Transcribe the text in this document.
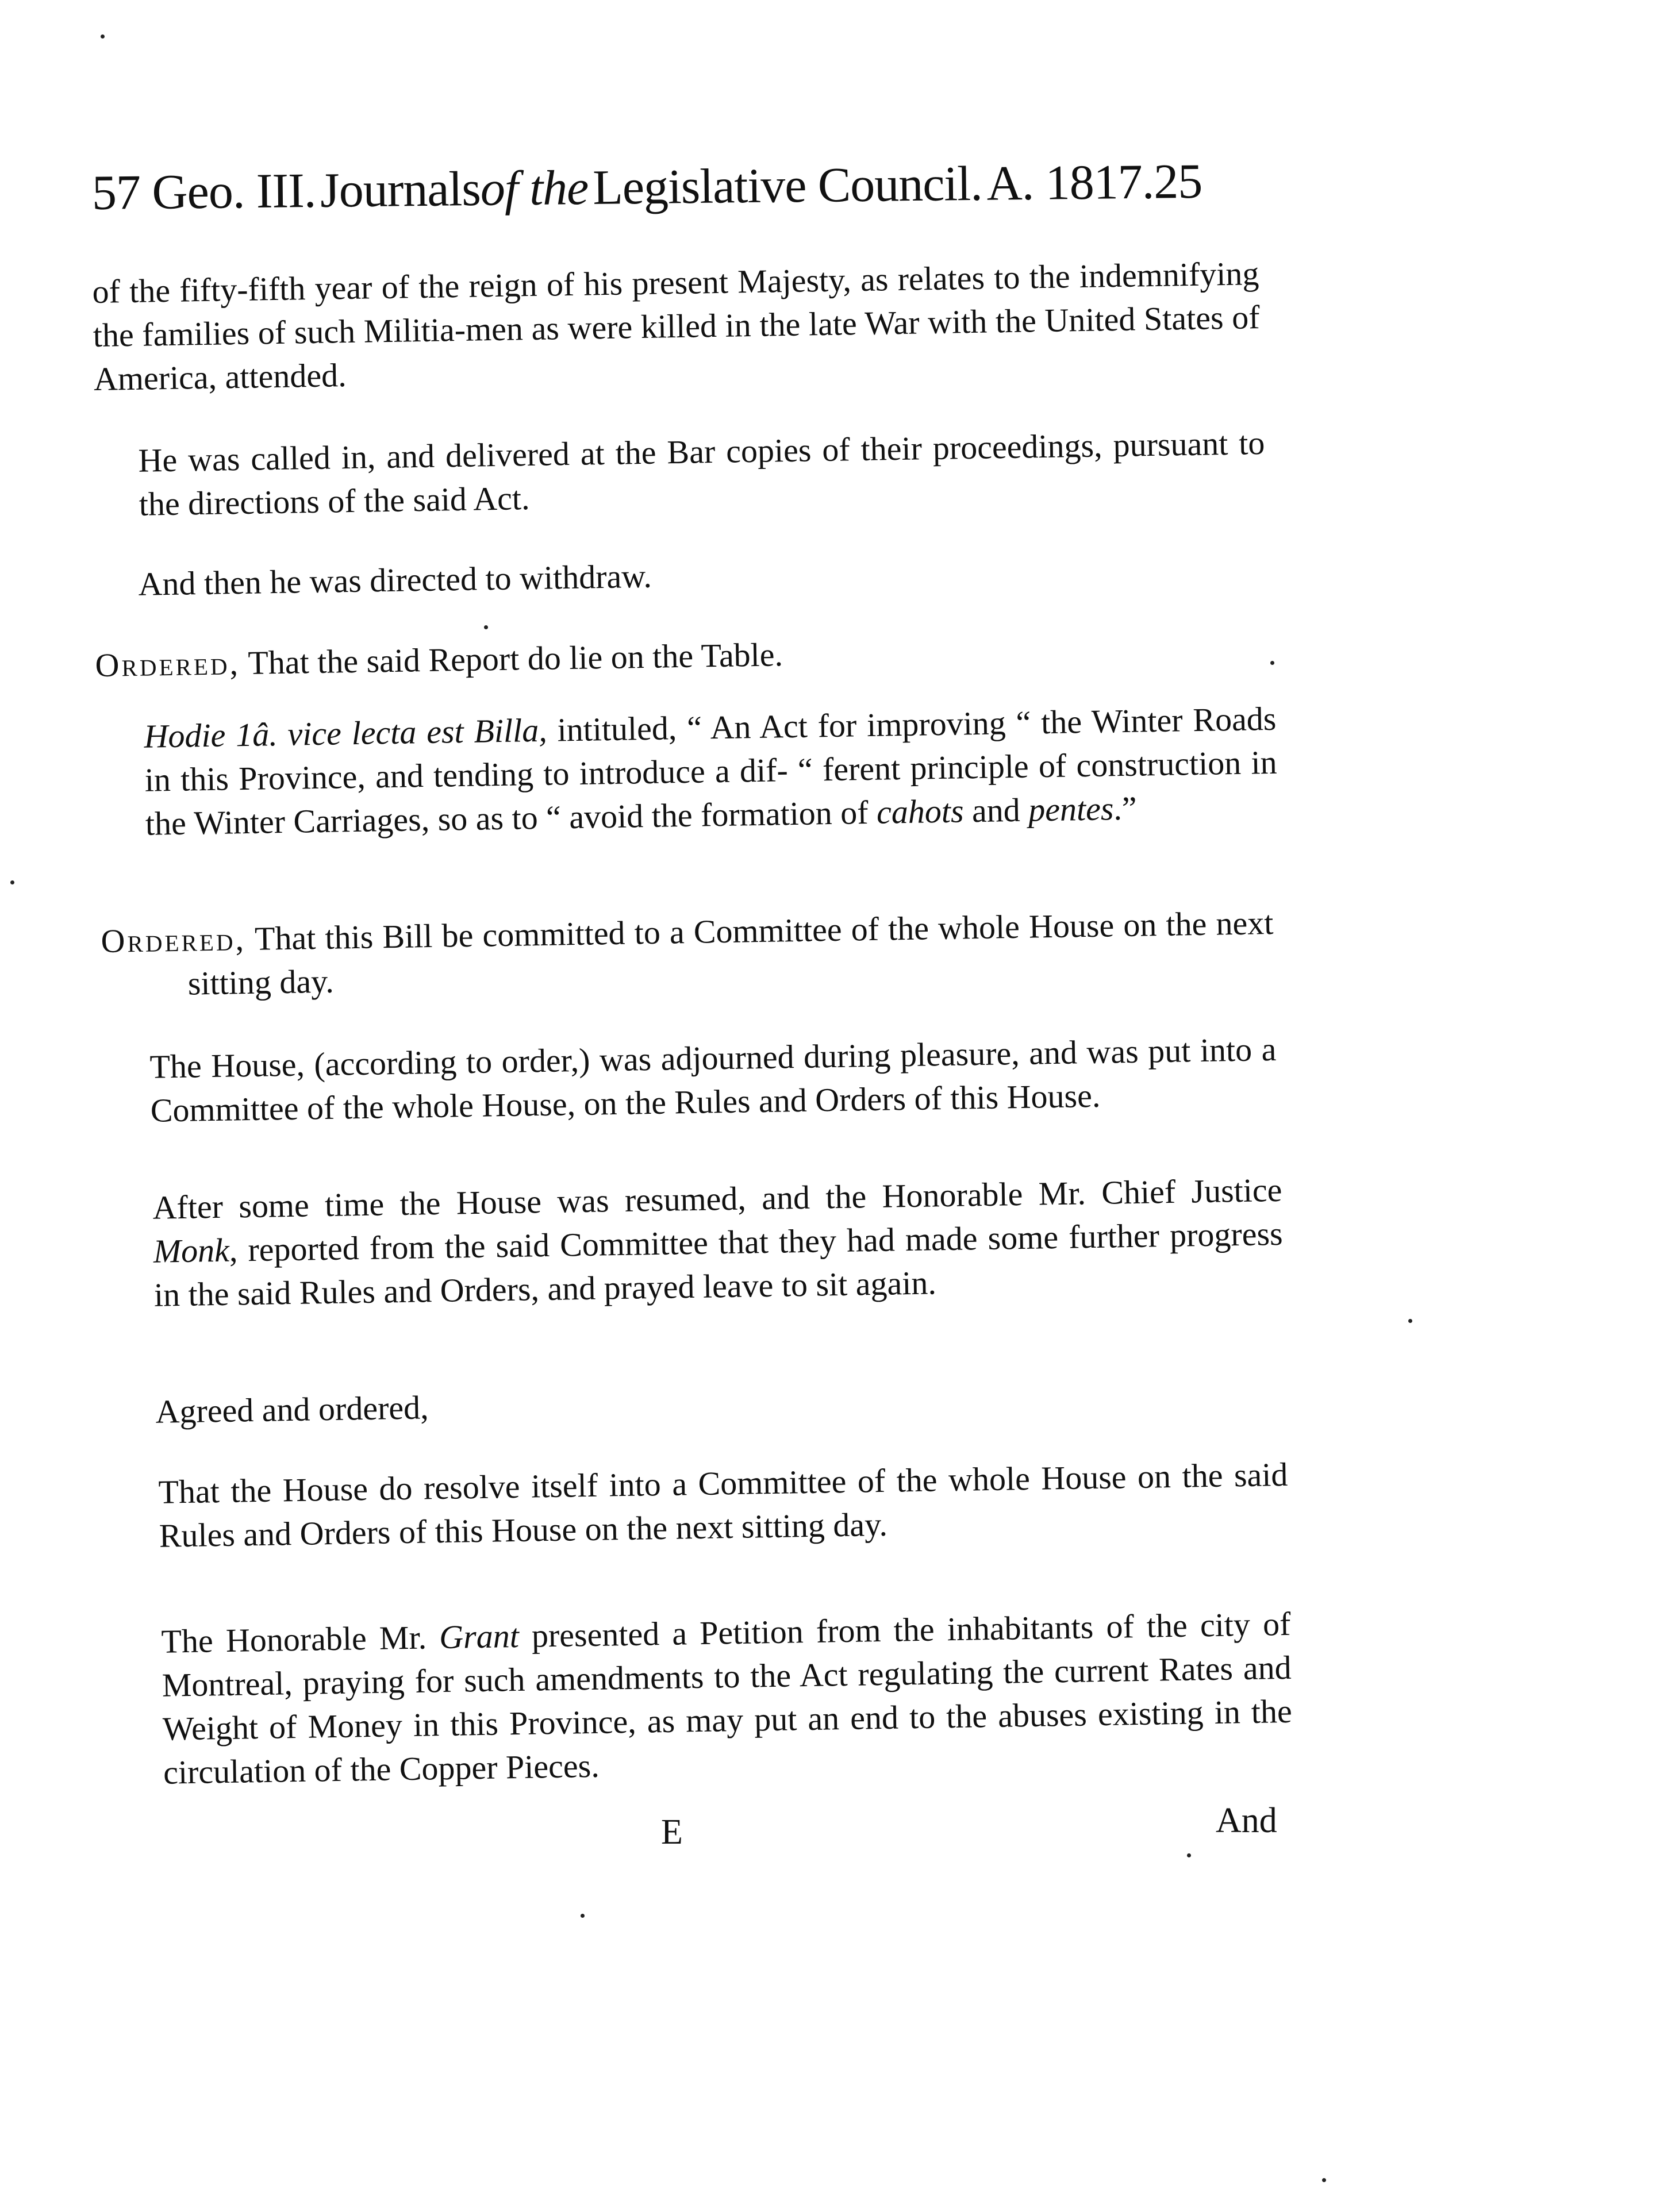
57 Geo. III.Journalsof theLegislative Council.A. 1817.25

of the fifty-fifth year of the reign of his present Majesty, as relates to the indemnifying the families of such Militia-men as were killed in the late War with the United States of America, attended.

He was called in, and delivered at the Bar copies of their proceedings, pursuant to the directions of the said Act.

And then he was directed to withdraw.

Ordered, That the said Report do lie on the Table.

Hodie 1â. vice lecta est Billa, intituled, “ An Act for improving “ the Winter Roads in this Province, and tending to introduce a dif- “ ferent principle of construction in the Winter Carriages, so as to “ avoid the formation of cahots and pentes.”

Ordered, That this Bill be committed to a Committee of the whole House on the next sitting day.

The House, (according to order,) was adjourned during pleasure, and was put into a Committee of the whole House, on the Rules and Orders of this House.

After some time the House was resumed, and the Honorable Mr. Chief Justice Monk, reported from the said Committee that they had made some further progress in the said Rules and Orders, and prayed leave to sit again.

Agreed and ordered,

That the House do resolve itself into a Committee of the whole House on the said Rules and Orders of this House on the next sitting day.

The Honorable Mr. Grant presented a Petition from the inhabitants of the city of Montreal, praying for such amendments to the Act regulating the current Rates and Weight of Money in this Province, as may put an end to the abuses existing in the circulation of the Copper Pieces.

E	And
